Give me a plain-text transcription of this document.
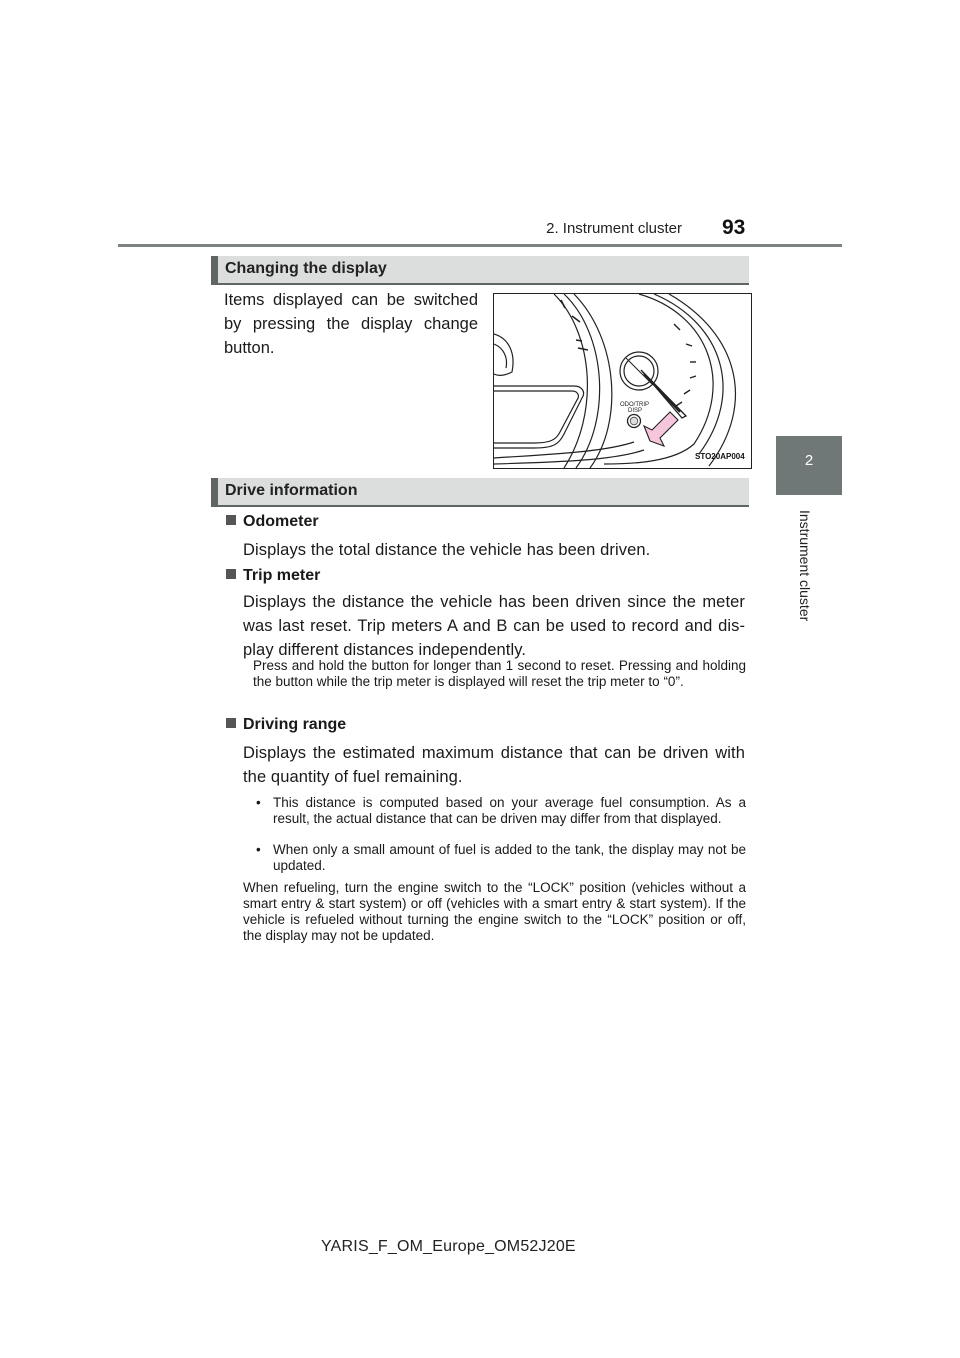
2. Instrument cluster 93
2
Instrument cluster
Changing the display
Items displayed can be switched by pressing the display change button.
ODO/TRIP
DISP
STO20AP004
Drive information
Odometer
Displays the total distance the vehicle has been driven.
Trip meter
Displays the distance the vehicle has been driven since the meter was last reset. Trip meters A and B can be used to record and display different distances independently.
Press and hold the button for longer than 1 second to reset. Pressing and holding the button while the trip meter is displayed will reset the trip meter to “0”.
Driving range
Displays the estimated maximum distance that can be driven with the quantity of fuel remaining.
• This distance is computed based on your average fuel consumption. As a result, the actual distance that can be driven may differ from that displayed.
• When only a small amount of fuel is added to the tank, the display may not be updated.
When refueling, turn the engine switch to the “LOCK” position (vehicles without a smart entry & start system) or off (vehicles with a smart entry & start system). If the vehicle is refueled without turning the engine switch to the “LOCK” position or off, the display may not be updated.
YARIS_F_OM_Europe_OM52J20E
